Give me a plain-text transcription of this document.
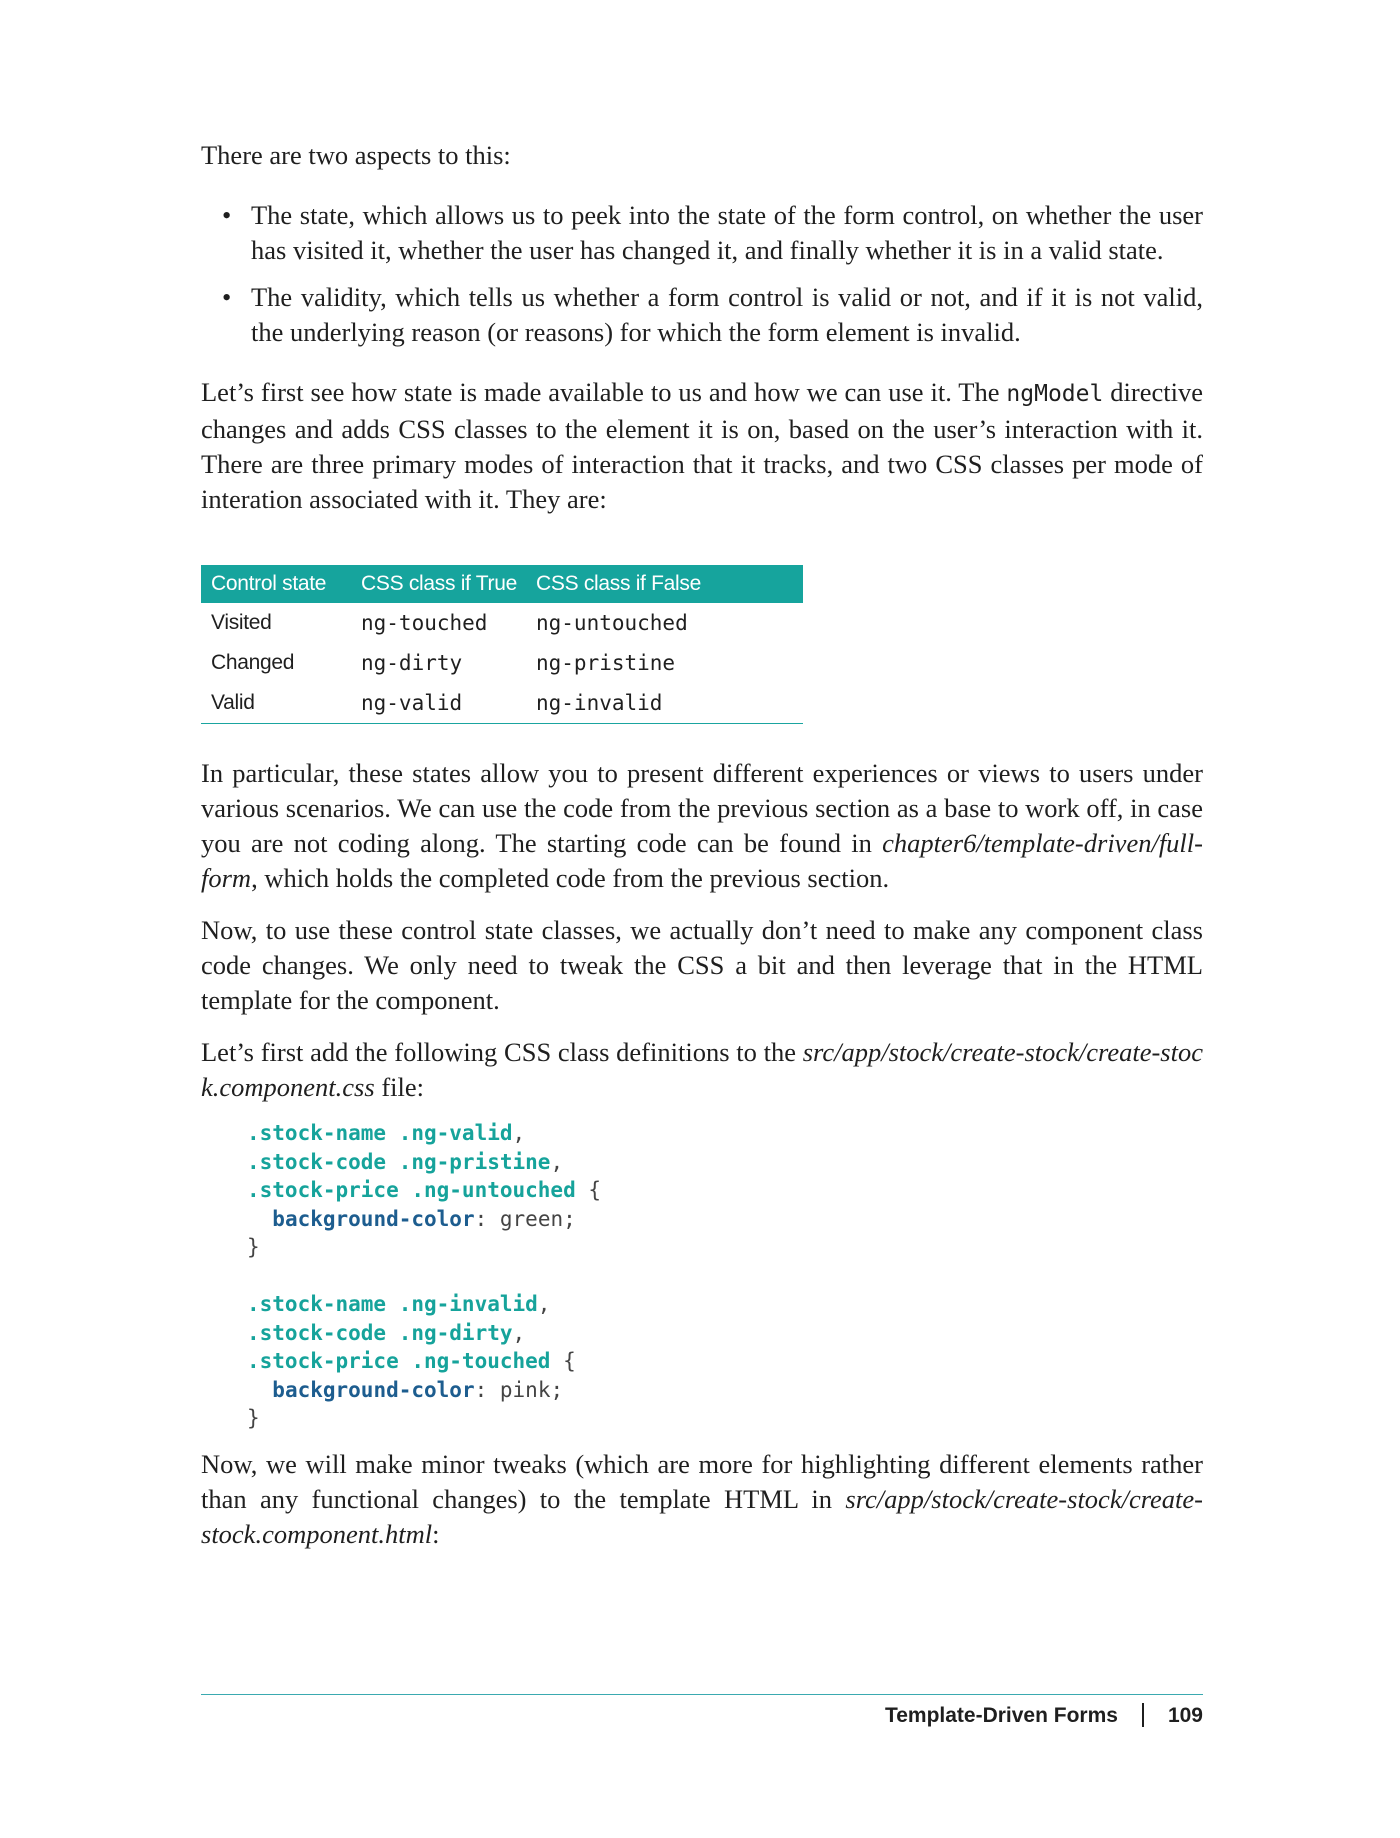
There are two aspects to this:

• The state, which allows us to peek into the state of the form control, on whether the user has visited it, whether the user has changed it, and finally whether it is in a valid state.
• The validity, which tells us whether a form control is valid or not, and if it is not valid, the underlying reason (or reasons) for which the form element is invalid.

Let’s first see how state is made available to us and how we can use it. The ngModel directive changes and adds CSS classes to the element it is on, based on the user’s interaction with it. There are three primary modes of interaction that it tracks, and two CSS classes per mode of interation associated with it. They are:

Control state	CSS class if True	CSS class if False
Visited	ng-touched	ng-untouched
Changed	ng-dirty	ng-pristine
Valid	ng-valid	ng-invalid

In particular, these states allow you to present different experiences or views to users under various scenarios. We can use the code from the previous section as a base to work off, in case you are not coding along. The starting code can be found in chapter6/template-driven/full-form, which holds the completed code from the previous section.

Now, to use these control state classes, we actually don’t need to make any component class code changes. We only need to tweak the CSS a bit and then leverage that in the HTML template for the component.

Let’s first add the following CSS class definitions to the src/app/stock/create-stock/create-stock.component.css file:

.stock-name .ng-valid,
.stock-code .ng-pristine,
.stock-price .ng-untouched {
background-color: green;
}

.stock-name .ng-invalid,
.stock-code .ng-dirty,
.stock-price .ng-touched {
background-color: pink;
}

Now, we will make minor tweaks (which are more for highlighting different elements rather than any functional changes) to the template HTML in src/app/stock/create-stock/create-stock.component.html:

Template-Driven Forms 109
